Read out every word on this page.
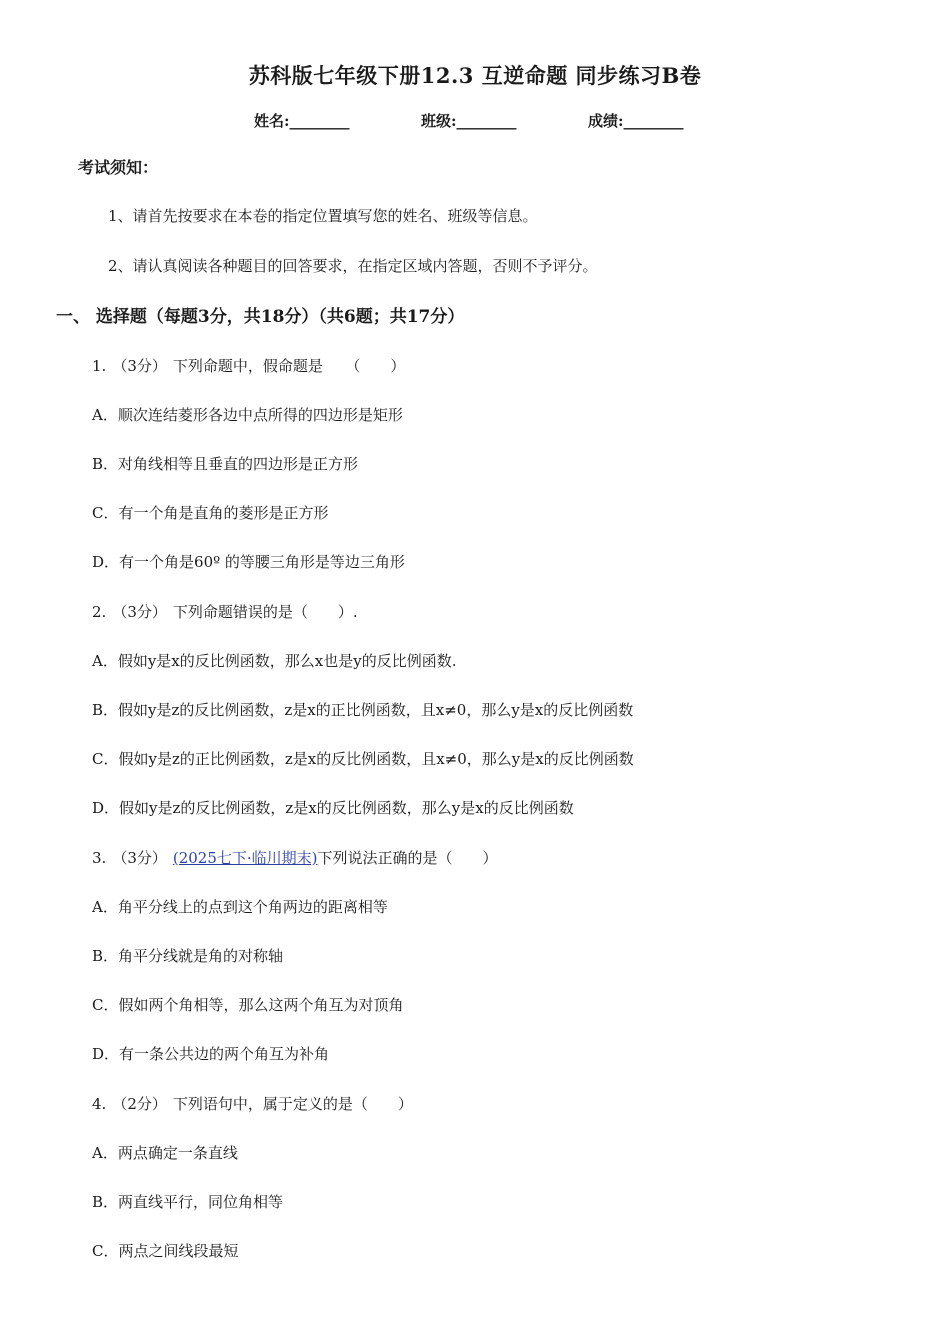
苏科版七年级下册12.3 互逆命题 同步练习B卷
姓名:________	班级:________	成绩:________
考试须知：
1、请首先按要求在本卷的指定位置填写您的姓名、班级等信息。
2、请认真阅读各种题目的回答要求，在指定区域内答题，否则不予评分。
一、 选择题（每题3分，共18分）（共6题；共17分）
1. （3分） 下列命题中，假命题是　　（　　）
A．顺次连结菱形各边中点所得的四边形是矩形
B．对角线相等且垂直的四边形是正方形
C．有一个角是直角的菱形是正方形
D．有一个角是60º 的等腰三角形是等边三角形
2. （3分） 下列命题错误的是（　　）.
A．假如y是x的反比例函数，那么x也是y的反比例函数.
B．假如y是z的反比例函数，z是x的正比例函数，且x≠0，那么y是x的反比例函数
C．假如y是z的正比例函数，z是x的反比例函数，且x≠0，那么y是x的反比例函数
D．假如y是z的反比例函数，z是x的反比例函数，那么y是x的反比例函数
3. （3分） (2025七下·临川期末)下列说法正确的是（　　）
A．角平分线上的点到这个角两边的距离相等
B．角平分线就是角的对称轴
C．假如两个角相等，那么这两个角互为对顶角
D．有一条公共边的两个角互为补角
4. （2分） 下列语句中，属于定义的是（　　）
A．两点确定一条直线
B．两直线平行，同位角相等
C．两点之间线段最短
